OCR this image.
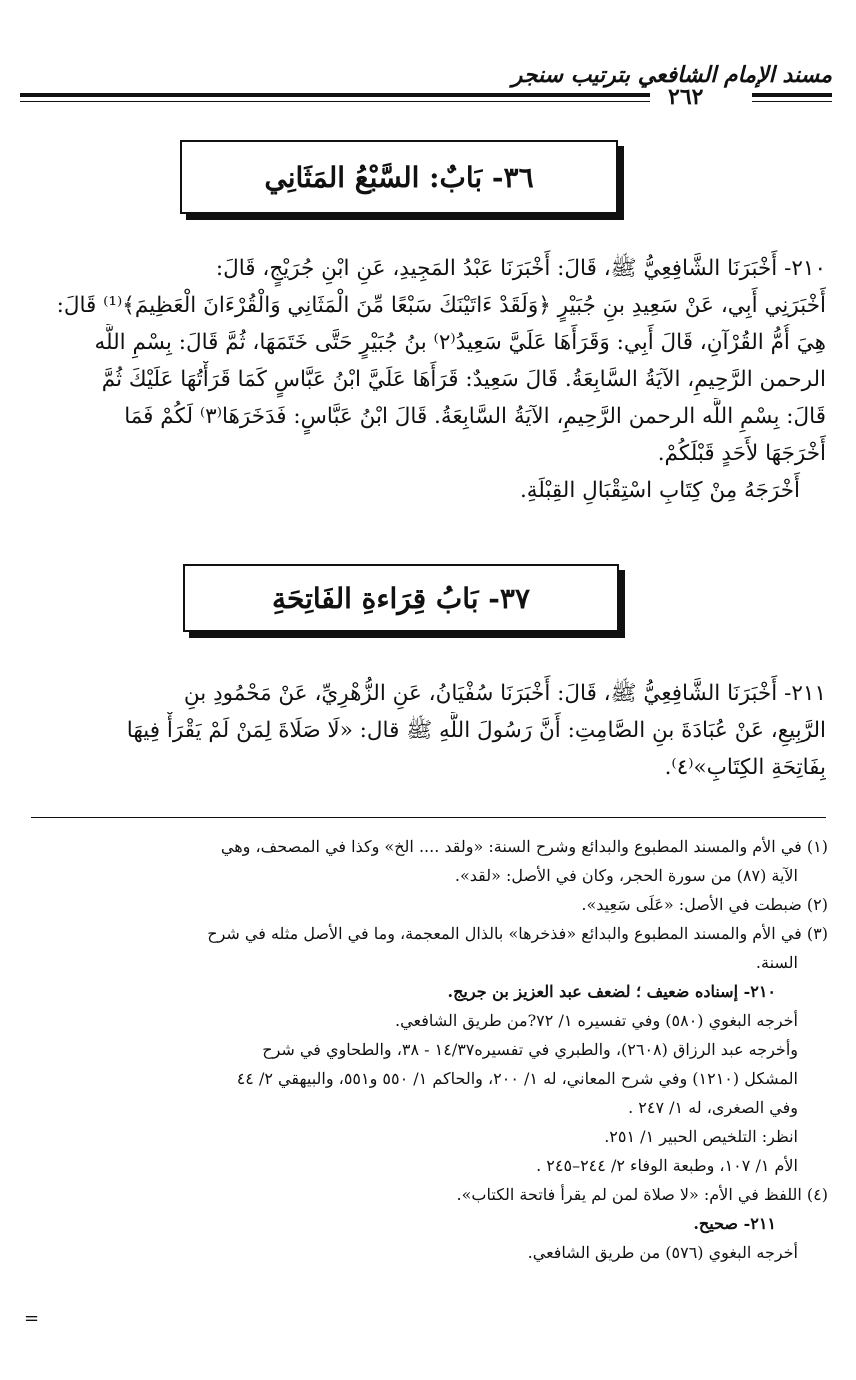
مسند الإمام الشافعي بترتيب سنجر
٢٦٢
٣٦- بَابٌ: السَّبْعُ المَثَانِي
٢١٠- أَخْبَرَنَا الشَّافِعِيُّ ﷺ، قَالَ: أَخْبَرَنَا عَبْدُ المَجِيدِ، عَنِ ابْنِ جُرَيْجٍ، قَالَ:
أَخْبَرَنِي أَبِي، عَنْ سَعِيدِ بنِ جُبَيْرٍ ﴿وَلَقَدْ ءَاتَيْنَكَ سَبْعًا مِّنَ الْمَثَانِي وَالْقُرْءَانَ الْعَظِيمَ﴾⁽¹⁾ قَالَ:
هِيَ أُمُّ القُرْآنِ، قَالَ أَبِي: وَقَرَأَهَا عَلَيَّ سَعِيدُ⁽٢⁾ بنُ جُبَيْرٍ حَتَّى خَتَمَهَا، ثُمَّ قَالَ: بِسْمِ اللَّه
الرحمن الرَّحِيمِ، الآيَةُ السَّابِعَةُ. قَالَ سَعِيدٌ: قَرَأَهَا عَلَيَّ ابْنُ عَبَّاسٍ كَمَا قَرَأْتُهَا عَلَيْكَ ثُمَّ
قَالَ: بِسْمِ اللَّه الرحمن الرَّحِيمِ، الآيَةُ السَّابِعَةُ. قَالَ ابْنُ عَبَّاسٍ: فَدَخَرَهَا⁽٣⁾ لَكُمْ فَمَا
أَخْرَجَهَا لأَحَدٍ قَبْلَكُمْ.
أَخْرَجَهُ مِنْ كِتَابِ اسْتِقْبَالِ القِبْلَةِ.
٣٧- بَابُ قِرَاءةِ الفَاتِحَةِ
٢١١- أَخْبَرَنَا الشَّافِعِيُّ ﷺ، قَالَ: أَخْبَرَنَا سُفْيَانُ، عَنِ الزُّهْرِيِّ، عَنْ مَحْمُودِ بنِ
الرَّبِيعِ، عَنْ عُبَادَةَ بنِ الصَّامِتِ: أَنَّ رَسُولَ اللَّهِ ﷺ قال: «لَا صَلَاةَ لِمَنْ لَمْ يَقْرَأْ فِيهَا
بِفَاتِحَةِ الكِتَابِ»⁽٤⁾.
(١) في الأم والمسند المطبوع والبدائع وشرح السنة: «ولقد .... الخ» وكذا في المصحف، وهي
الآية (٨٧) من سورة الحجر، وكان في الأصل: «لقد».
(٢) ضبطت في الأصل: «عَلَى سَعِيد».
(٣) في الأم والمسند المطبوع والبدائع «فذخرها» بالذال المعجمة، وما في الأصل مثله في شرح
السنة.
٢١٠- إسناده ضعيف ؛ لضعف عبد العزيز بن جريج.
أخرجه البغوي (٥٨٠) وفي تفسيره ١/ ٧٢?من طريق الشافعي.
وأخرجه عبد الرزاق (٢٦٠٨)، والطبري في تفسيره١٤/٣٧ - ٣٨، والطحاوي في شرح
المشكل (١٢١٠) وفي شرح المعاني، له ١/ ٢٠٠، والحاكم ١/ ٥٥٠ و٥٥١، والبيهقي ٢/ ٤٤
وفي الصغرى، له ١/ ٢٤٧ .
انظر: التلخيص الحبير ١/ ٢٥١.
الأم ١/ ١٠٧، وطبعة الوفاء ٢/ ٢٤٤–٢٤٥ .
(٤) اللفظ في الأم: «لا صلاة لمن لم يقرأ فاتحة الكتاب».
٢١١- صحيح.
أخرجه البغوي (٥٧٦) من طريق الشافعي.
=
